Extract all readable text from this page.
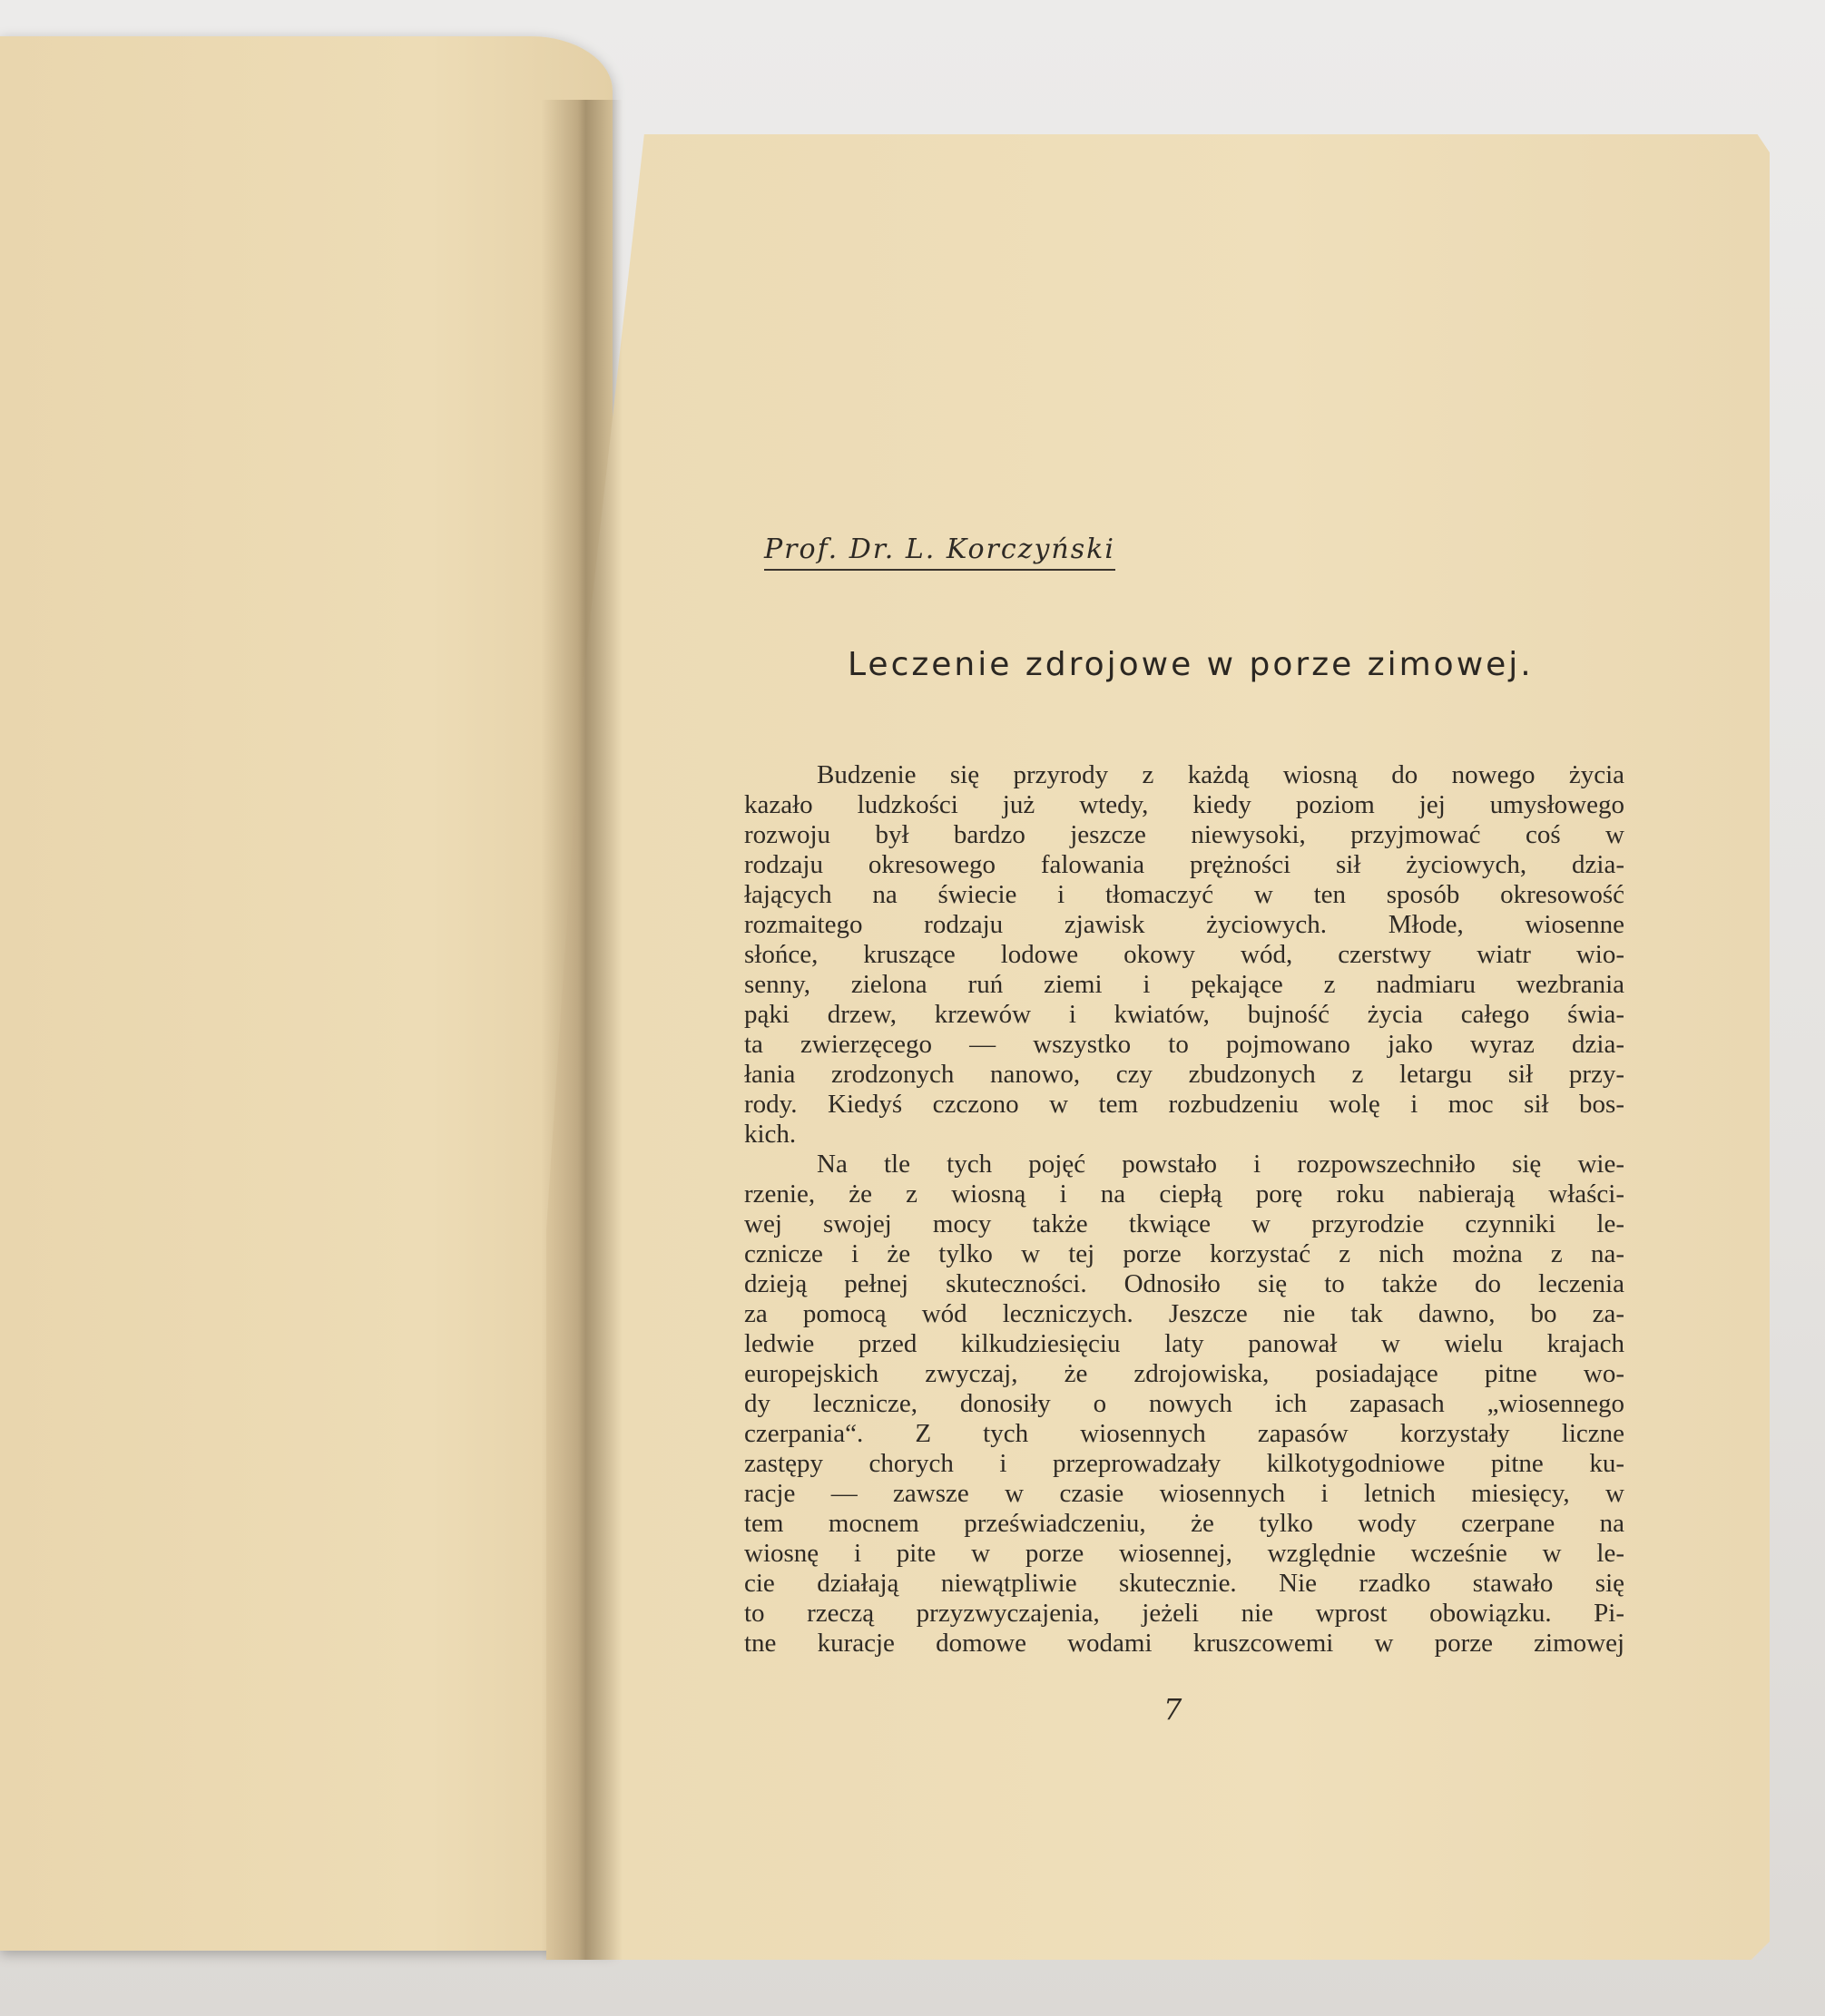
Prof. Dr. L. Korczyński
Leczenie zdrojowe w porze zimowej.
Budzenie się przyrody z każdą wiosną do nowego życia
kazało ludzkości już wtedy, kiedy poziom jej umysłowego
rozwoju był bardzo jeszcze niewysoki, przyjmować coś w
rodzaju okresowego falowania prężności sił życiowych, dzia-
łających na świecie i tłomaczyć w ten sposób okresowość
rozmaitego rodzaju zjawisk życiowych. Młode, wiosenne
słońce, kruszące lodowe okowy wód, czerstwy wiatr wio-
senny, zielona ruń ziemi i pękające z nadmiaru wezbrania
pąki drzew, krzewów i kwiatów, bujność życia całego świa-
ta zwierzęcego — wszystko to pojmowano jako wyraz dzia-
łania zrodzonych nanowo, czy zbudzonych z letargu sił przy-
rody. Kiedyś czczono w tem rozbudzeniu wolę i moc sił bos-
kich.
Na tle tych pojęć powstało i rozpowszechniło się wie-
rzenie, że z wiosną i na ciepłą porę roku nabierają właści-
wej swojej mocy także tkwiące w przyrodzie czynniki le-
cznicze i że tylko w tej porze korzystać z nich można z na-
dzieją pełnej skuteczności. Odnosiło się to także do leczenia
za pomocą wód leczniczych. Jeszcze nie tak dawno, bo za-
ledwie przed kilkudziesięciu laty panował w wielu krajach
europejskich zwyczaj, że zdrojowiska, posiadające pitne wo-
dy lecznicze, donosiły o nowych ich zapasach „wiosennego
czerpania“. Z tych wiosennych zapasów korzystały liczne
zastępy chorych i przeprowadzały kilkotygodniowe pitne ku-
racje — zawsze w czasie wiosennych i letnich miesięcy, w
tem mocnem przeświadczeniu, że tylko wody czerpane na
wiosnę i pite w porze wiosennej, względnie wcześnie w le-
cie działają niewątpliwie skutecznie. Nie rzadko stawało się
to rzeczą przyzwyczajenia, jeżeli nie wprost obowiązku. Pi-
tne kuracje domowe wodami kruszcowemi w porze zimowej
7
